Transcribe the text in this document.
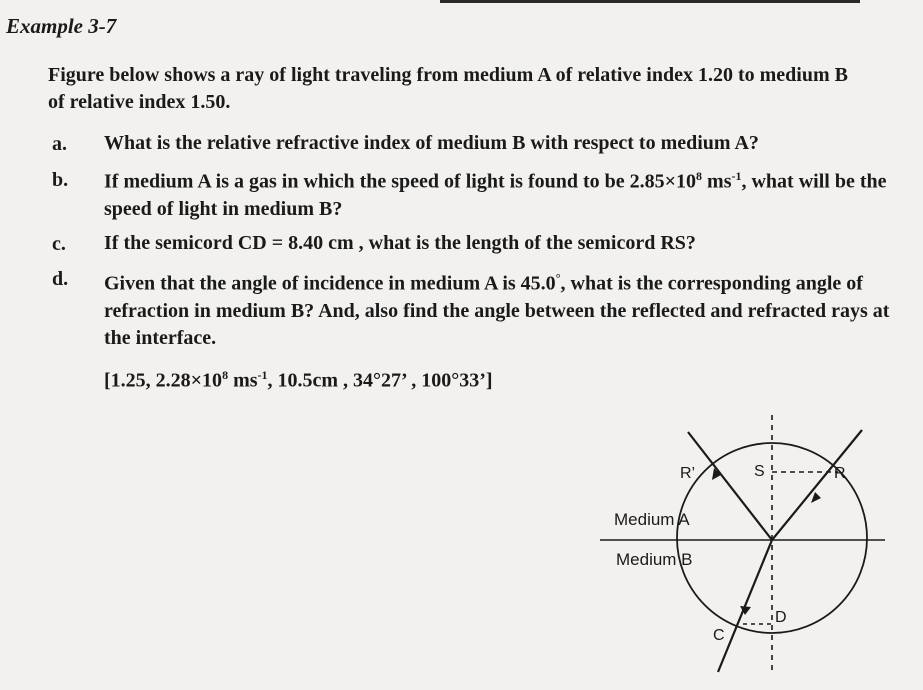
Example 3-7
Figure below shows a ray of light traveling from medium A of relative index 1.20 to medium B of relative index 1.50.
a. What is the relative refractive index of medium B with respect to medium A?
b. If medium A is a gas in which the speed of light is found to be $2.85\times 10^8$ $ms^{-1}$, what will be the speed of light in medium B?
c. If the semicord CD = 8.40 cm , what is the length of the semicord RS?
d. Given that the angle of incidence in medium A is 45.0°, what is the corresponding angle of refraction in medium B? And, also find the angle between the reflected and refracted rays at the interface.
[1.25, $2.28\times 10^8$ $ms^{-1}$, 10.5cm , 34°27’ , 100°33’]
R’	S	R
C
D
Medium A
Medium B
